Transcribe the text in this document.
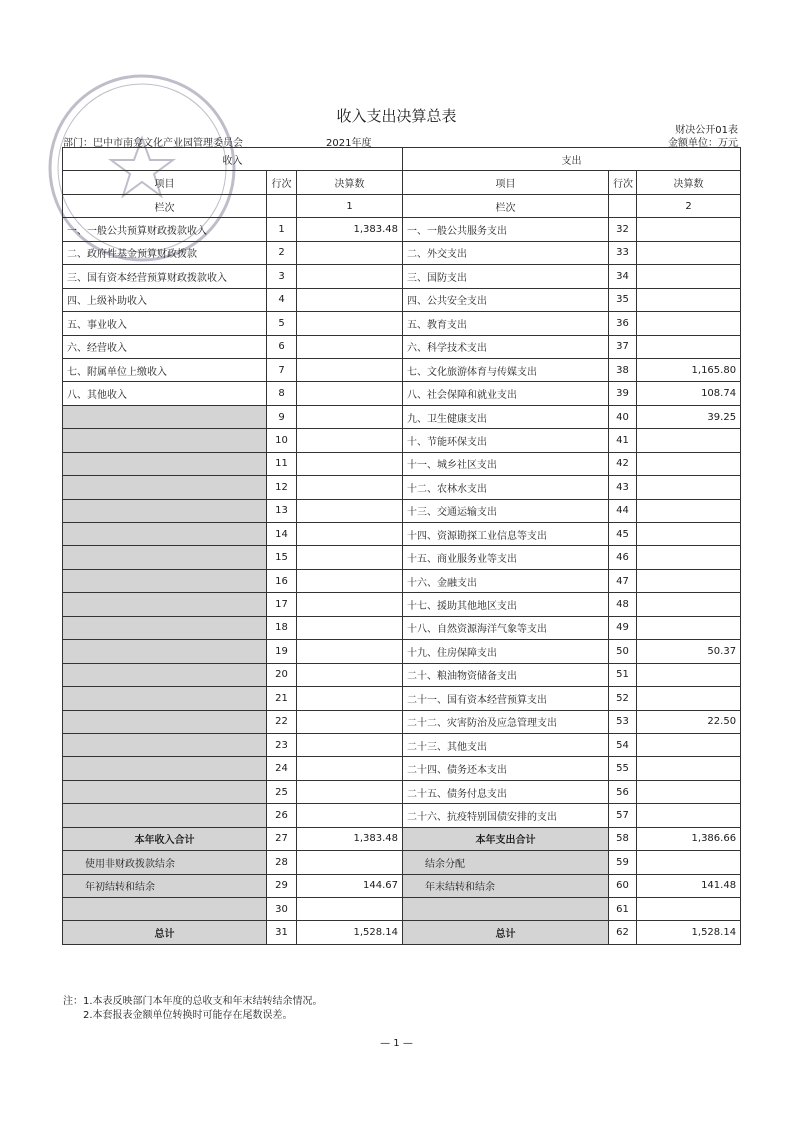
收入支出决算总表
财决公开01表
部门：巴中市南龛文化产业园管理委员会	2021年度	金额单位：万元
收入			支出		
项目	行次	决算数	项目	行次	决算数
栏次		1	栏次		2
一、一般公共预算财政拨款收入	1	1,383.48	一、一般公共服务支出	32	
二、政府性基金预算财政拨款	2		二、外交支出	33	
三、国有资本经营预算财政拨款收入	3		三、国防支出	34	
四、上级补助收入	4		四、公共安全支出	35	
五、事业收入	5		五、教育支出	36	
六、经营收入	6		六、科学技术支出	37	
七、附属单位上缴收入	7		七、文化旅游体育与传媒支出	38	1,165.80
八、其他收入	8		八、社会保障和就业支出	39	108.74
	9		九、卫生健康支出	40	39.25
	10		十、节能环保支出	41	
	11		十一、城乡社区支出	42	
	12		十二、农林水支出	43	
	13		十三、交通运输支出	44	
	14		十四、资源勘探工业信息等支出	45	
	15		十五、商业服务业等支出	46	
	16		十六、金融支出	47	
	17		十七、援助其他地区支出	48	
	18		十八、自然资源海洋气象等支出	49	
	19		十九、住房保障支出	50	50.37
	20		二十、粮油物资储备支出	51	
	21		二十一、国有资本经营预算支出	52	
	22		二十二、灾害防治及应急管理支出	53	22.50
	23		二十三、其他支出	54	
	24		二十四、债务还本支出	55	
	25		二十五、债务付息支出	56	
	26		二十六、抗疫特别国债安排的支出	57	
本年收入合计	27	1,383.48	本年支出合计	58	1,386.66
使用非财政拨款结余	28		结余分配	59	
年初结转和结余	29	144.67	年末结转和结余	60	141.48
	30			61	
总计	31	1,528.14	总计	62	1,528.14
注：1.本表反映部门本年度的总收支和年末结转结余情况。
2.本套报表金额单位转换时可能存在尾数误差。
— 1 —
